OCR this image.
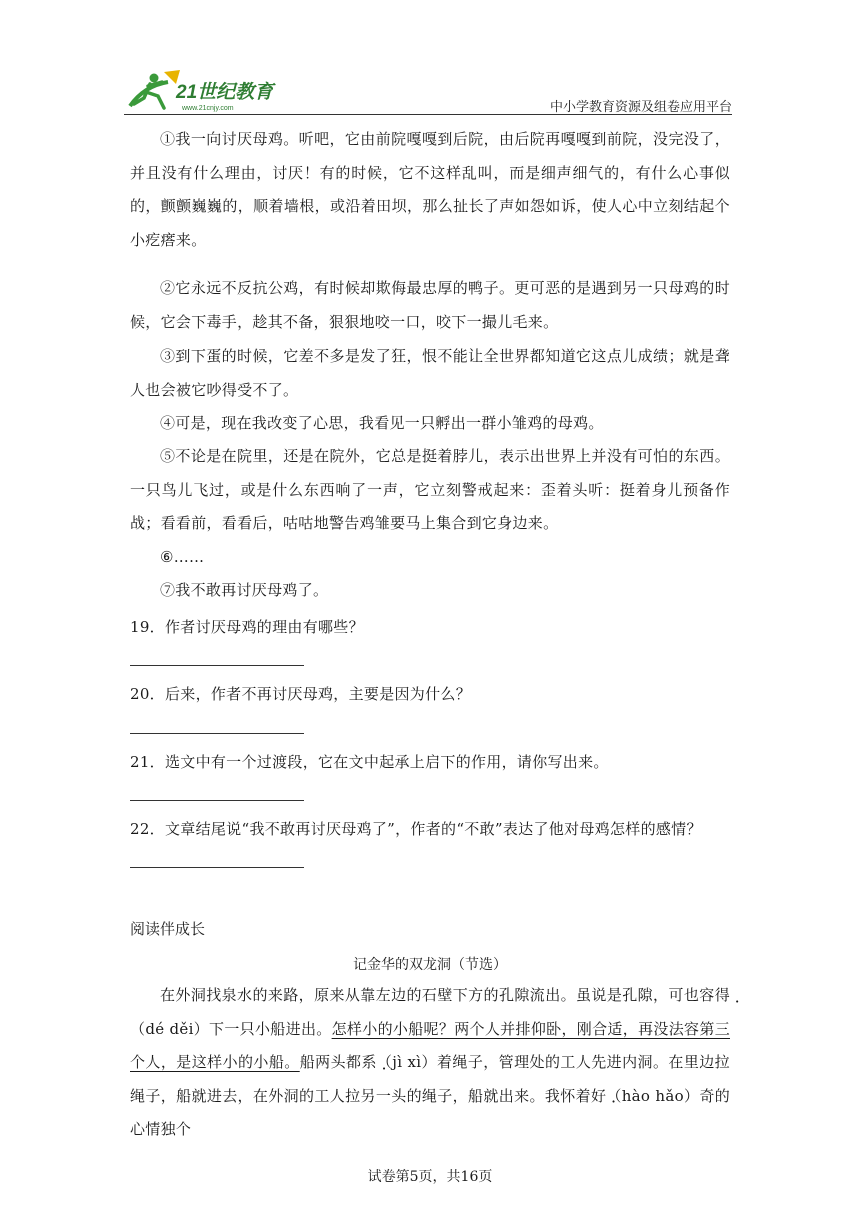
21世纪教育
www.21cnjy.com	中小学教育资源及组卷应用平台

①我一向讨厌母鸡。听吧，它由前院嘎嘎到后院，由后院再嘎嘎到前院，没完没了，并且没有什么理由，讨厌！有的时候，它不这样乱叫，而是细声细气的，有什么心事似的，颤颤巍巍的，顺着墙根，或沿着田坝，那么扯长了声如怨如诉，使人心中立刻结起个小疙瘩来。

②它永远不反抗公鸡，有时候却欺侮最忠厚的鸭子。更可恶的是遇到另一只母鸡的时候，它会下毒手，趁其不备，狠狠地咬一口，咬下一撮儿毛来。

③到下蛋的时候，它差不多是发了狂，恨不能让全世界都知道它这点儿成绩；就是聋人也会被它吵得受不了。

④可是，现在我改变了心思，我看见一只孵出一群小雏鸡的母鸡。

⑤不论是在院里，还是在院外，它总是挺着脖儿，表示出世界上并没有可怕的东西。一只鸟儿飞过，或是什么东西响了一声，它立刻警戒起来：歪着头听：挺着身儿预备作战；看看前，看看后，咕咕地警告鸡雏要马上集合到它身边来。

⑥……

⑦我不敢再讨厌母鸡了。

19．作者讨厌母鸡的理由有哪些？
20．后来，作者不再讨厌母鸡，主要是因为什么？
21．选文中有一个过渡段，它在文中起承上启下的作用，请你写出来。
22．文章结尾说“我不敢再讨厌母鸡了”，作者的“不敢”表达了他对母鸡怎样的感情？
阅读伴成长
记金华的双龙洞（节选）

在外洞找泉水的来路，原来从靠左边的石壁下方的孔隙流出。虽说是孔隙，可也容得（dé děi）下一只小船进出。怎样小的小船呢？两个人并排仰卧，刚合适，再没法容第三个人，是这样小的小船。船两头都系（jì xì）着绳子，管理处的工人先进内洞。在里边拉绳子，船就进去，在外洞的工人拉另一头的绳子，船就出来。我怀着好（hào hǎo）奇的心情独个

试卷第5页，共16页
